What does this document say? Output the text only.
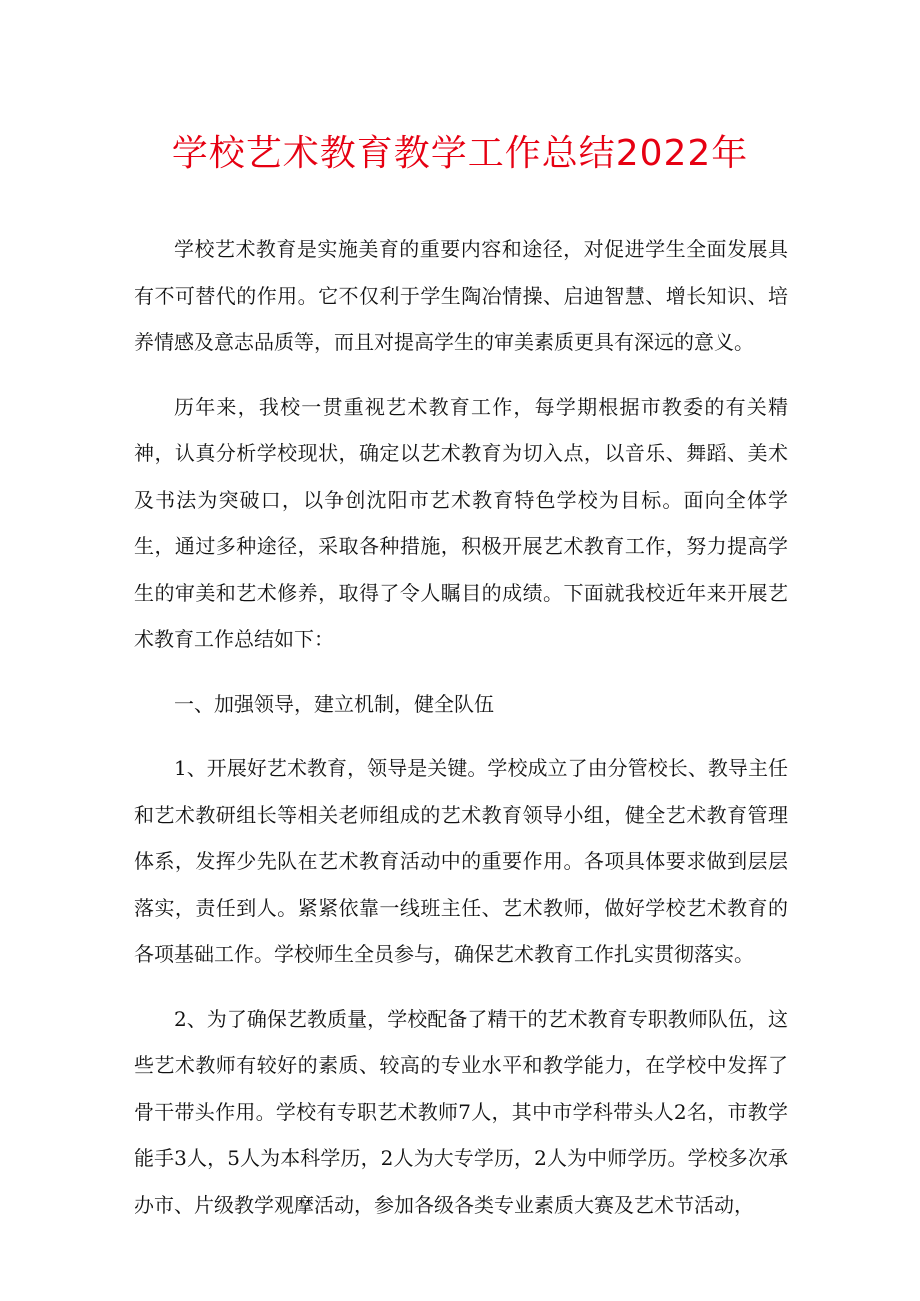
学校艺术教育教学工作总结2022年

学校艺术教育是实施美育的重要内容和途径，对促进学生全面发展具有不可替代的作用。它不仅利于学生陶冶情操、启迪智慧、增长知识、培养情感及意志品质等，而且对提高学生的审美素质更具有深远的意义。

历年来，我校一贯重视艺术教育工作，每学期根据市教委的有关精神，认真分析学校现状，确定以艺术教育为切入点，以音乐、舞蹈、美术及书法为突破口，以争创沈阳市艺术教育特色学校为目标。面向全体学生，通过多种途径，采取各种措施，积极开展艺术教育工作，努力提高学生的审美和艺术修养，取得了令人瞩目的成绩。下面就我校近年来开展艺术教育工作总结如下：

一、加强领导，建立机制，健全队伍

1、开展好艺术教育，领导是关键。学校成立了由分管校长、教导主任和艺术教研组长等相关老师组成的艺术教育领导小组，健全艺术教育管理体系，发挥少先队在艺术教育活动中的重要作用。各项具体要求做到层层落实，责任到人。紧紧依靠一线班主任、艺术教师，做好学校艺术教育的各项基础工作。学校师生全员参与，确保艺术教育工作扎实贯彻落实。

2、为了确保艺教质量，学校配备了精干的艺术教育专职教师队伍，这些艺术教师有较好的素质、较高的专业水平和教学能力，在学校中发挥了骨干带头作用。学校有专职艺术教师7人，其中市学科带头人2名，市教学能手3人，5人为本科学历，2人为大专学历，2人为中师学历。学校多次承办市、片级教学观摩活动，参加各级各类专业素质大赛及艺术节活动，
